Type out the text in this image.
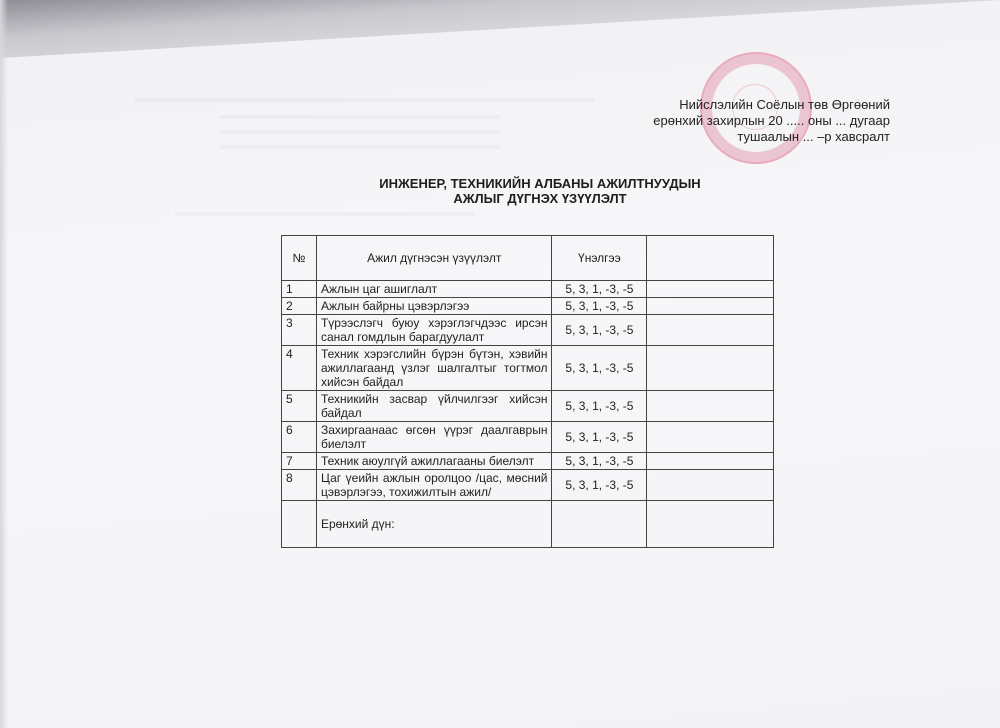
Нийслэлийн Соёлын төв Өргөөний
ерөнхий захирлын 20 ..... оны ... дугаар
тушаалын ... –р хавсралт
ИНЖЕНЕР, ТЕХНИКИЙН АЛБАНЫ АЖИЛТНУУДЫН
АЖЛЫГ ДҮГНЭХ ҮЗҮҮЛЭЛТ
№	Ажил дүгнэсэн үзүүлэлт	Үнэлгээ	
1	Ажлын цаг ашиглалт	5, 3, 1, -3, -5	
2	Ажлын байрны цэвэрлэгээ	5, 3, 1, -3, -5	
3	Түрээслэгч буюу хэрэглэгчдээс ирсэн санал гомдлын барагдуулалт	5, 3, 1, -3, -5	
4	Техник хэрэгслийн бүрэн бүтэн, хэвийн ажиллагаанд үзлэг шалгалтыг тогтмол хийсэн байдал	5, 3, 1, -3, -5	
5	Техникийн засвар үйлчилгээг хийсэн байдал	5, 3, 1, -3, -5	
6	Захиргаанаас өгсөн үүрэг даалгаврын биелэлт	5, 3, 1, -3, -5	
7	Техник аюулгүй ажиллагааны биелэлт	5, 3, 1, -3, -5	
8	Цаг үеийн ажлын оролцоо /цас, мөсний цэвэрлэгээ, тохижилтын ажил/	5, 3, 1, -3, -5	
	Ерөнхий дүн:		
